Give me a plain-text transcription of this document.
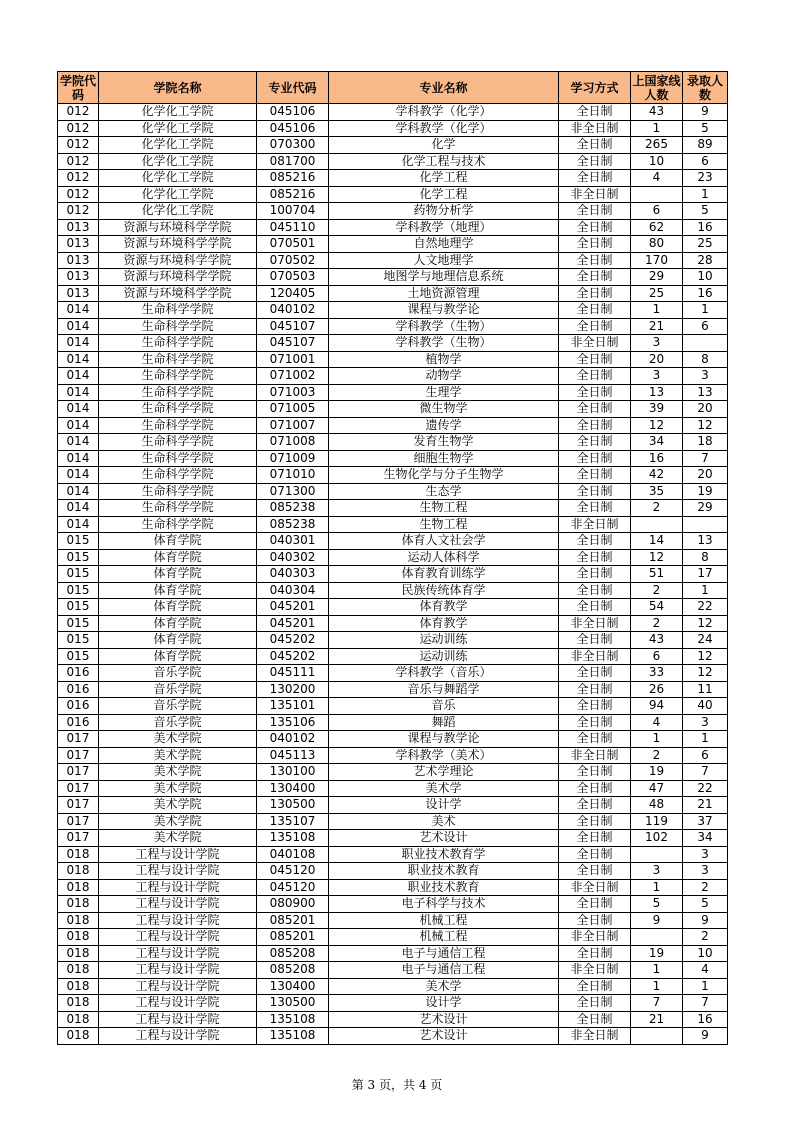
学院代码	学院名称	专业代码	专业名称	学习方式	上国家线人数	录取人数
012	化学化工学院	045106	学科教学（化学）	全日制	43	9
012	化学化工学院	045106	学科教学（化学）	非全日制	1	5
012	化学化工学院	070300	化学	全日制	265	89
012	化学化工学院	081700	化学工程与技术	全日制	10	6
012	化学化工学院	085216	化学工程	全日制	4	23
012	化学化工学院	085216	化学工程	非全日制		1
012	化学化工学院	100704	药物分析学	全日制	6	5
013	资源与环境科学学院	045110	学科教学（地理）	全日制	62	16
013	资源与环境科学学院	070501	自然地理学	全日制	80	25
013	资源与环境科学学院	070502	人文地理学	全日制	170	28
013	资源与环境科学学院	070503	地图学与地理信息系统	全日制	29	10
013	资源与环境科学学院	120405	土地资源管理	全日制	25	16
014	生命科学学院	040102	课程与教学论	全日制	1	1
014	生命科学学院	045107	学科教学（生物）	全日制	21	6
014	生命科学学院	045107	学科教学（生物）	非全日制	3	
014	生命科学学院	071001	植物学	全日制	20	8
014	生命科学学院	071002	动物学	全日制	3	3
014	生命科学学院	071003	生理学	全日制	13	13
014	生命科学学院	071005	微生物学	全日制	39	20
014	生命科学学院	071007	遗传学	全日制	12	12
014	生命科学学院	071008	发育生物学	全日制	34	18
014	生命科学学院	071009	细胞生物学	全日制	16	7
014	生命科学学院	071010	生物化学与分子生物学	全日制	42	20
014	生命科学学院	071300	生态学	全日制	35	19
014	生命科学学院	085238	生物工程	全日制	2	29
014	生命科学学院	085238	生物工程	非全日制		
015	体育学院	040301	体育人文社会学	全日制	14	13
015	体育学院	040302	运动人体科学	全日制	12	8
015	体育学院	040303	体育教育训练学	全日制	51	17
015	体育学院	040304	民族传统体育学	全日制	2	1
015	体育学院	045201	体育教学	全日制	54	22
015	体育学院	045201	体育教学	非全日制	2	12
015	体育学院	045202	运动训练	全日制	43	24
015	体育学院	045202	运动训练	非全日制	6	12
016	音乐学院	045111	学科教学（音乐）	全日制	33	12
016	音乐学院	130200	音乐与舞蹈学	全日制	26	11
016	音乐学院	135101	音乐	全日制	94	40
016	音乐学院	135106	舞蹈	全日制	4	3
017	美术学院	040102	课程与教学论	全日制	1	1
017	美术学院	045113	学科教学（美术）	非全日制	2	6
017	美术学院	130100	艺术学理论	全日制	19	7
017	美术学院	130400	美术学	全日制	47	22
017	美术学院	130500	设计学	全日制	48	21
017	美术学院	135107	美术	全日制	119	37
017	美术学院	135108	艺术设计	全日制	102	34
018	工程与设计学院	040108	职业技术教育学	全日制		3
018	工程与设计学院	045120	职业技术教育	全日制	3	3
018	工程与设计学院	045120	职业技术教育	非全日制	1	2
018	工程与设计学院	080900	电子科学与技术	全日制	5	5
018	工程与设计学院	085201	机械工程	全日制	9	9
018	工程与设计学院	085201	机械工程	非全日制		2
018	工程与设计学院	085208	电子与通信工程	全日制	19	10
018	工程与设计学院	085208	电子与通信工程	非全日制	1	4
018	工程与设计学院	130400	美术学	全日制	1	1
018	工程与设计学院	130500	设计学	全日制	7	7
018	工程与设计学院	135108	艺术设计	全日制	21	16
018	工程与设计学院	135108	艺术设计	非全日制		9
第 3 页，共 4 页
